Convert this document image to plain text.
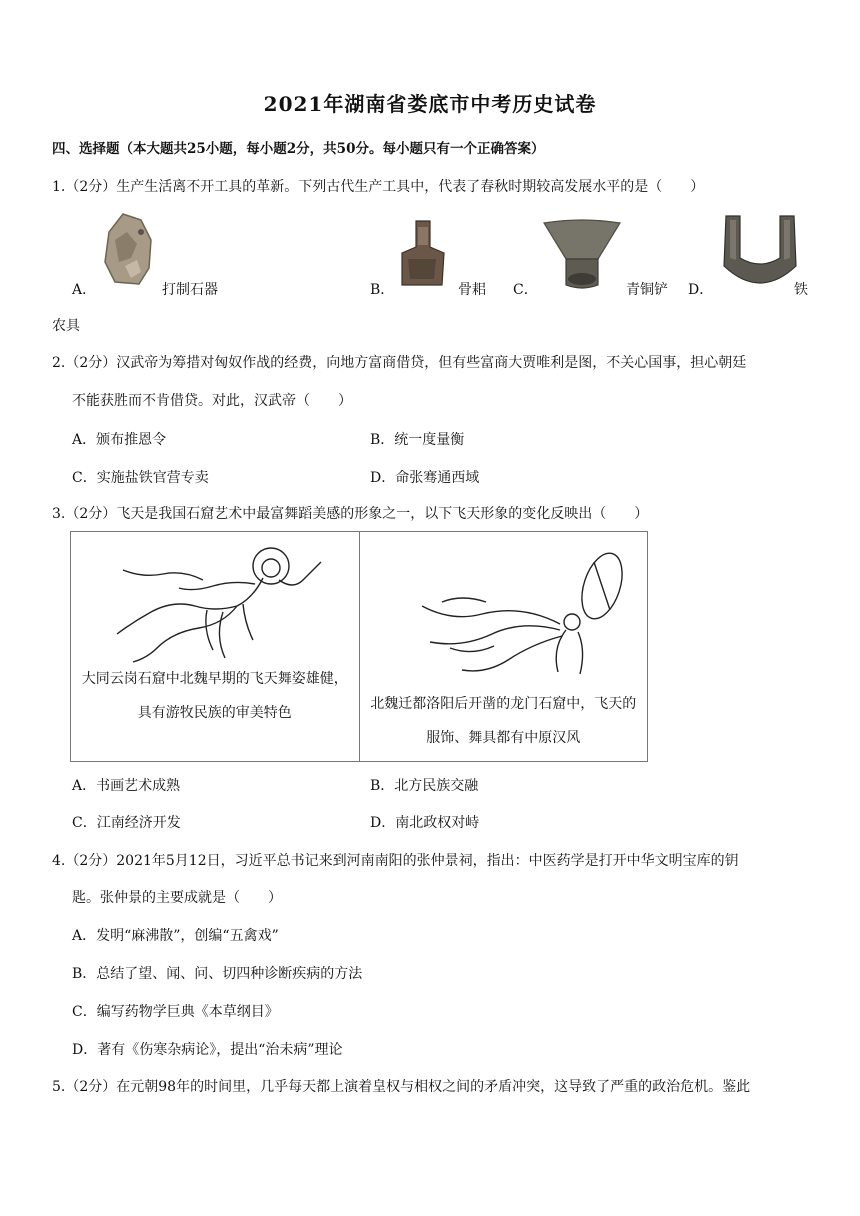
2021年湖南省娄底市中考历史试卷
四、选择题（本大题共25小题，每小题2分，共50分。每小题只有一个正确答案）
1.（2分）生产生活离不开工具的革新。下列古代生产工具中，代表了春秋时期较高发展水平的是（　　）
A．	打制石器	B．	骨耜 C．	青铜铲 D．	铁
农具
2.（2分）汉武帝为筹措对匈奴作战的经费，向地方富商借贷，但有些富商大贾唯利是图，不关心国事，担心朝廷
不能获胜而不肯借贷。对此，汉武帝（　　）
A．颁布推恩令	B．统一度量衡
C．实施盐铁官营专卖	D．命张骞通西域
3.（2分）飞天是我国石窟艺术中最富舞蹈美感的形象之一，以下飞天形象的变化反映出（　　）
大同云岗石窟中北魏早期的飞天舞姿雄健，
具有游牧民族的审美特色

北魏迁都洛阳后开凿的龙门石窟中，飞天的
服饰、舞具都有中原汉风
A．书画艺术成熟	B．北方民族交融
C．江南经济开发	D．南北政权对峙
4.（2分）2021年5月12日，习近平总书记来到河南南阳的张仲景祠，指出：中医药学是打开中华文明宝库的钥
匙。张仲景的主要成就是（　　）
A．发明“麻沸散”，创编“五禽戏”
B．总结了望、闻、问、切四种诊断疾病的方法
C．编写药物学巨典《本草纲目》
D．著有《伤寒杂病论》，提出“治未病”理论
5.（2分）在元朝98年的时间里，几乎每天都上演着皇权与相权之间的矛盾冲突，这导致了严重的政治危机。鉴此
